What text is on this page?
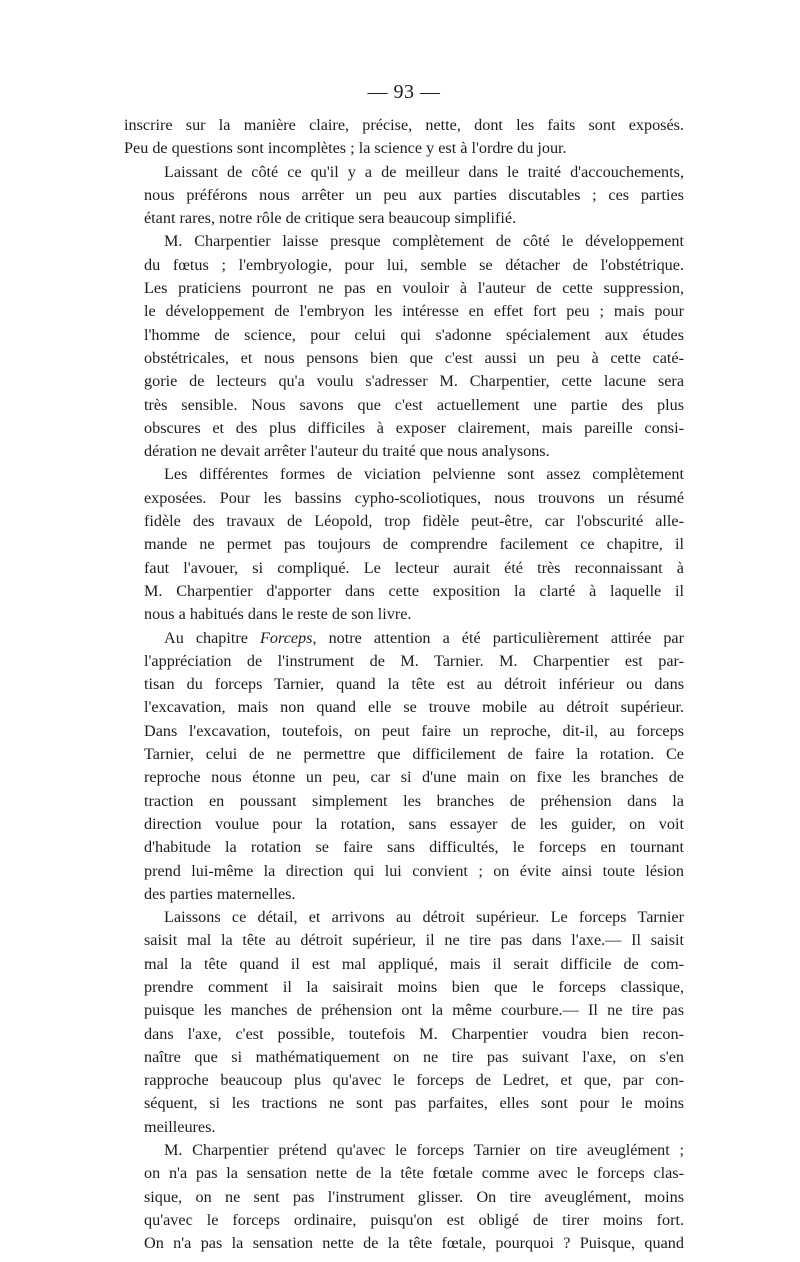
— 93 —

inscrire sur la manière claire, précise, nette, dont les faits sont exposés.
Peu de questions sont incomplètes ; la science y est à l'ordre du jour.

Laissant de côté ce qu'il y a de meilleur dans le traité d'accouchements,
nous préférons nous arrêter un peu aux parties discutables ; ces parties
étant rares, notre rôle de critique sera beaucoup simplifié.

M. Charpentier laisse presque complètement de côté le développement
du fœtus ; l'embryologie, pour lui, semble se détacher de l'obstétrique.
Les praticiens pourront ne pas en vouloir à l'auteur de cette suppression,
le développement de l'embryon les intéresse en effet fort peu ; mais pour
l'homme de science, pour celui qui s'adonne spécialement aux études
obstétricales, et nous pensons bien que c'est aussi un peu à cette caté-
gorie de lecteurs qu'a voulu s'adresser M. Charpentier, cette lacune sera
très sensible. Nous savons que c'est actuellement une partie des plus
obscures et des plus difficiles à exposer clairement, mais pareille consi-
dération ne devait arrêter l'auteur du traité que nous analysons.

Les différentes formes de viciation pelvienne sont assez complètement
exposées. Pour les bassins cypho-scoliotiques, nous trouvons un résumé
fidèle des travaux de Léopold, trop fidèle peut-être, car l'obscurité alle-
mande ne permet pas toujours de comprendre facilement ce chapitre, il
faut l'avouer, si compliqué. Le lecteur aurait été très reconnaissant à
M. Charpentier d'apporter dans cette exposition la clarté à laquelle il
nous a habitués dans le reste de son livre.

Au chapitre Forceps, notre attention a été particulièrement attirée par
l'appréciation de l'instrument de M. Tarnier. M. Charpentier est par-
tisan du forceps Tarnier, quand la tête est au détroit inférieur ou dans
l'excavation, mais non quand elle se trouve mobile au détroit supérieur.
Dans l'excavation, toutefois, on peut faire un reproche, dit-il, au forceps
Tarnier, celui de ne permettre que difficilement de faire la rotation. Ce
reproche nous étonne un peu, car si d'une main on fixe les branches de
traction en poussant simplement les branches de préhension dans la
direction voulue pour la rotation, sans essayer de les guider, on voit
d'habitude la rotation se faire sans difficultés, le forceps en tournant
prend lui-même la direction qui lui convient ; on évite ainsi toute lésion
des parties maternelles.

Laissons ce détail, et arrivons au détroit supérieur. Le forceps Tarnier
saisit mal la tête au détroit supérieur, il ne tire pas dans l'axe.— Il saisit
mal la tête quand il est mal appliqué, mais il serait difficile de com-
prendre comment il la saisirait moins bien que le forceps classique,
puisque les manches de préhension ont la même courbure.— Il ne tire pas
dans l'axe, c'est possible, toutefois M. Charpentier voudra bien recon-
naître que si mathématiquement on ne tire pas suivant l'axe, on s'en
rapproche beaucoup plus qu'avec le forceps de Ledret, et que, par con-
séquent, si les tractions ne sont pas parfaites, elles sont pour le moins
meilleures.

M. Charpentier prétend qu'avec le forceps Tarnier on tire aveuglément ;
on n'a pas la sensation nette de la tête fœtale comme avec le forceps clas-
sique, on ne sent pas l'instrument glisser. On tire aveuglément, moins
qu'avec le forceps ordinaire, puisqu'on est obligé de tirer moins fort.
On n'a pas la sensation nette de la tête fœtale, pourquoi ? Puisque, quand
